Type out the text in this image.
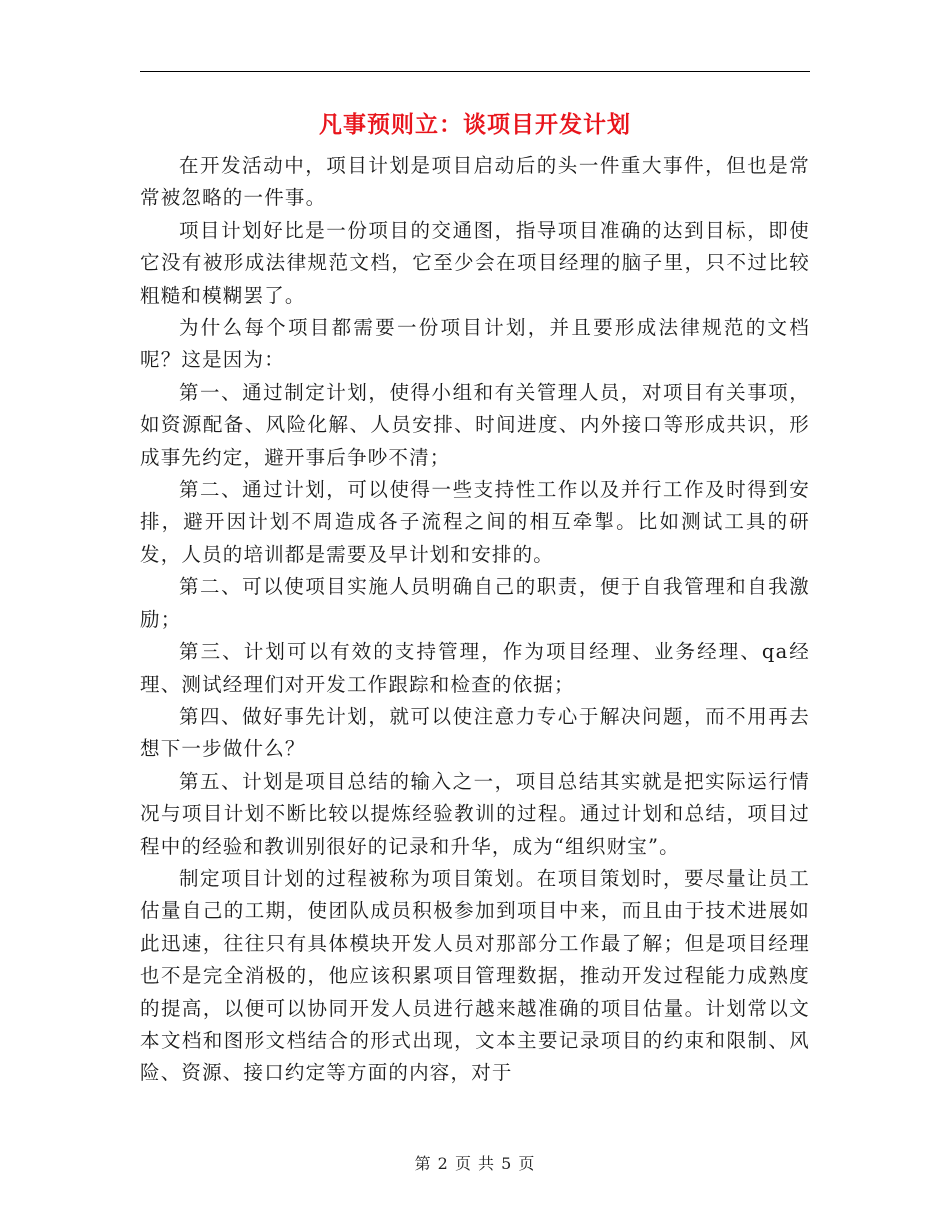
凡事预则立：谈项目开发计划

在开发活动中，项目计划是项目启动后的头一件重大事件，但也是常常被忽略的一件事。

项目计划好比是一份项目的交通图，指导项目准确的达到目标，即使它没有被形成法律规范文档，它至少会在项目经理的脑子里，只不过比较粗糙和模糊罢了。

为什么每个项目都需要一份项目计划，并且要形成法律规范的文档呢？这是因为：

第一、通过制定计划，使得小组和有关管理人员，对项目有关事项，如资源配备、风险化解、人员安排、时间进度、内外接口等形成共识，形成事先约定，避开事后争吵不清；

第二、通过计划，可以使得一些支持性工作以及并行工作及时得到安排，避开因计划不周造成各子流程之间的相互牵掣。比如测试工具的研发，人员的培训都是需要及早计划和安排的。

第二、可以使项目实施人员明确自己的职责，便于自我管理和自我激励；

第三、计划可以有效的支持管理，作为项目经理、业务经理、qa经理、测试经理们对开发工作跟踪和检查的依据；

第四、做好事先计划，就可以使注意力专心于解决问题，而不用再去想下一步做什么？

第五、计划是项目总结的输入之一，项目总结其实就是把实际运行情况与项目计划不断比较以提炼经验教训的过程。通过计划和总结，项目过程中的经验和教训别很好的记录和升华，成为“组织财宝”。

制定项目计划的过程被称为项目策划。在项目策划时，要尽量让员工估量自己的工期，使团队成员积极参加到项目中来，而且由于技术进展如此迅速，往往只有具体模块开发人员对那部分工作最了解；但是项目经理也不是完全消极的，他应该积累项目管理数据，推动开发过程能力成熟度的提高，以便可以协同开发人员进行越来越准确的项目估量。计划常以文本文档和图形文档结合的形式出现，文本主要记录项目的约束和限制、风险、资源、接口约定等方面的内容，对于

第 2 页 共 5 页
